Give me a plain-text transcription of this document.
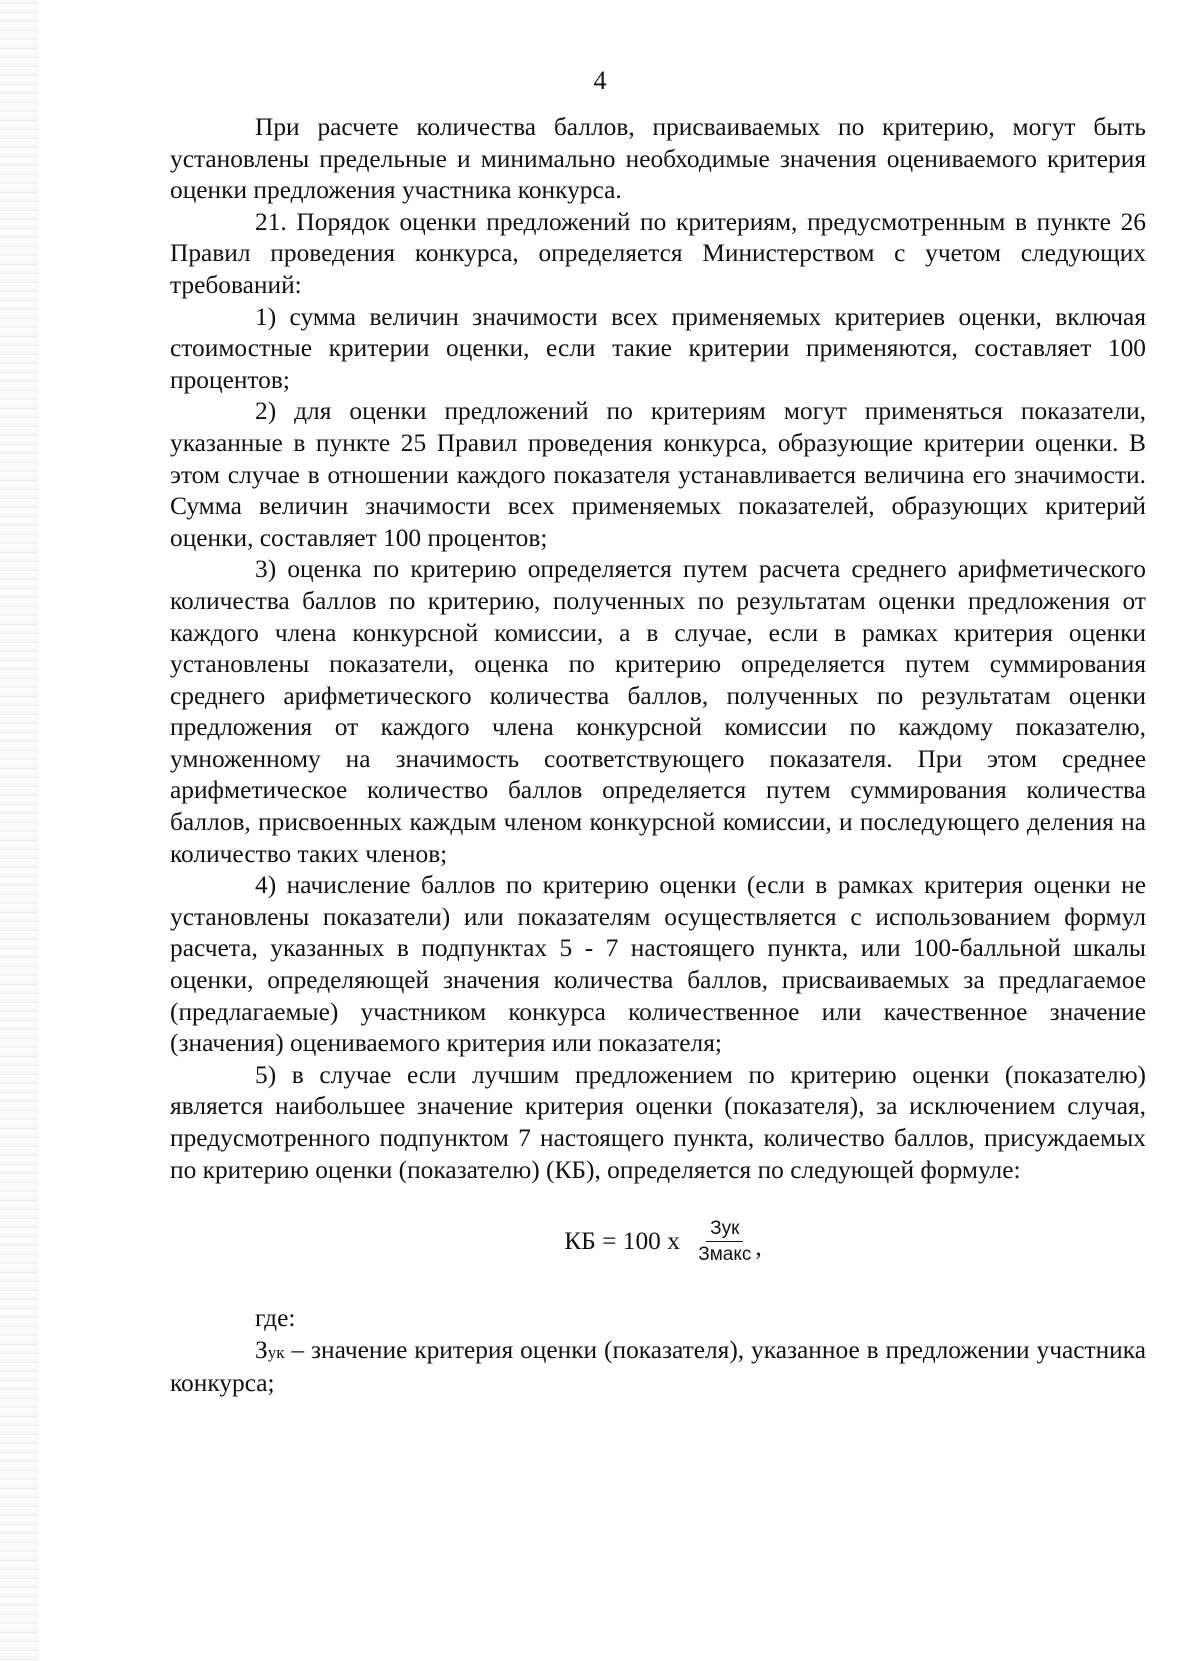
4

При расчете количества баллов, присваиваемых по критерию, могут быть установлены предельные и минимально необходимые значения оцениваемого критерия оценки предложения участника конкурса.

21. Порядок оценки предложений по критериям, предусмотренным в пункте 26 Правил проведения конкурса, определяется Министерством с учетом следующих требований:

1) сумма величин значимости всех применяемых критериев оценки, включая стоимостные критерии оценки, если такие критерии применяются, составляет 100 процентов;

2) для оценки предложений по критериям могут применяться показатели, указанные в пункте 25 Правил проведения конкурса, образующие критерии оценки. В этом случае в отношении каждого показателя устанавливается величина его значимости. Сумма величин значимости всех применяемых показателей, образующих критерий оценки, составляет 100 процентов;

3) оценка по критерию определяется путем расчета среднего арифметического количества баллов по критерию, полученных по результатам оценки предложения от каждого члена конкурсной комиссии, а в случае, если в рамках критерия оценки установлены показатели, оценка по критерию определяется путем суммирования среднего арифметического количества баллов, полученных по результатам оценки предложения от каждого члена конкурсной комиссии по каждому показателю, умноженному на значимость соответствующего показателя. При этом среднее арифметическое количество баллов определяется путем суммирования количества баллов, присвоенных каждым членом конкурсной комиссии, и последующего деления на количество таких членов;

4) начисление баллов по критерию оценки (если в рамках критерия оценки не установлены показатели) или показателям осуществляется с использованием формул расчета, указанных в подпунктах 5 - 7 настоящего пункта, или 100-балльной шкалы оценки, определяющей значения количества баллов, присваиваемых за предлагаемое (предлагаемые) участником конкурса количественное или качественное значение (значения) оцениваемого критерия или показателя;

5) в случае если лучшим предложением по критерию оценки (показателю) является наибольшее значение критерия оценки (показателя), за исключением случая, предусмотренного подпунктом 7 настоящего пункта, количество баллов, присуждаемых по критерию оценки (показателю) (КБ), определяется по следующей формуле:

КБ = 100 х $\frac{\text{Зук}}{\text{Змакс}}$ ,

где:

Зук – значение критерия оценки (показателя), указанное в предложении участника конкурса;
